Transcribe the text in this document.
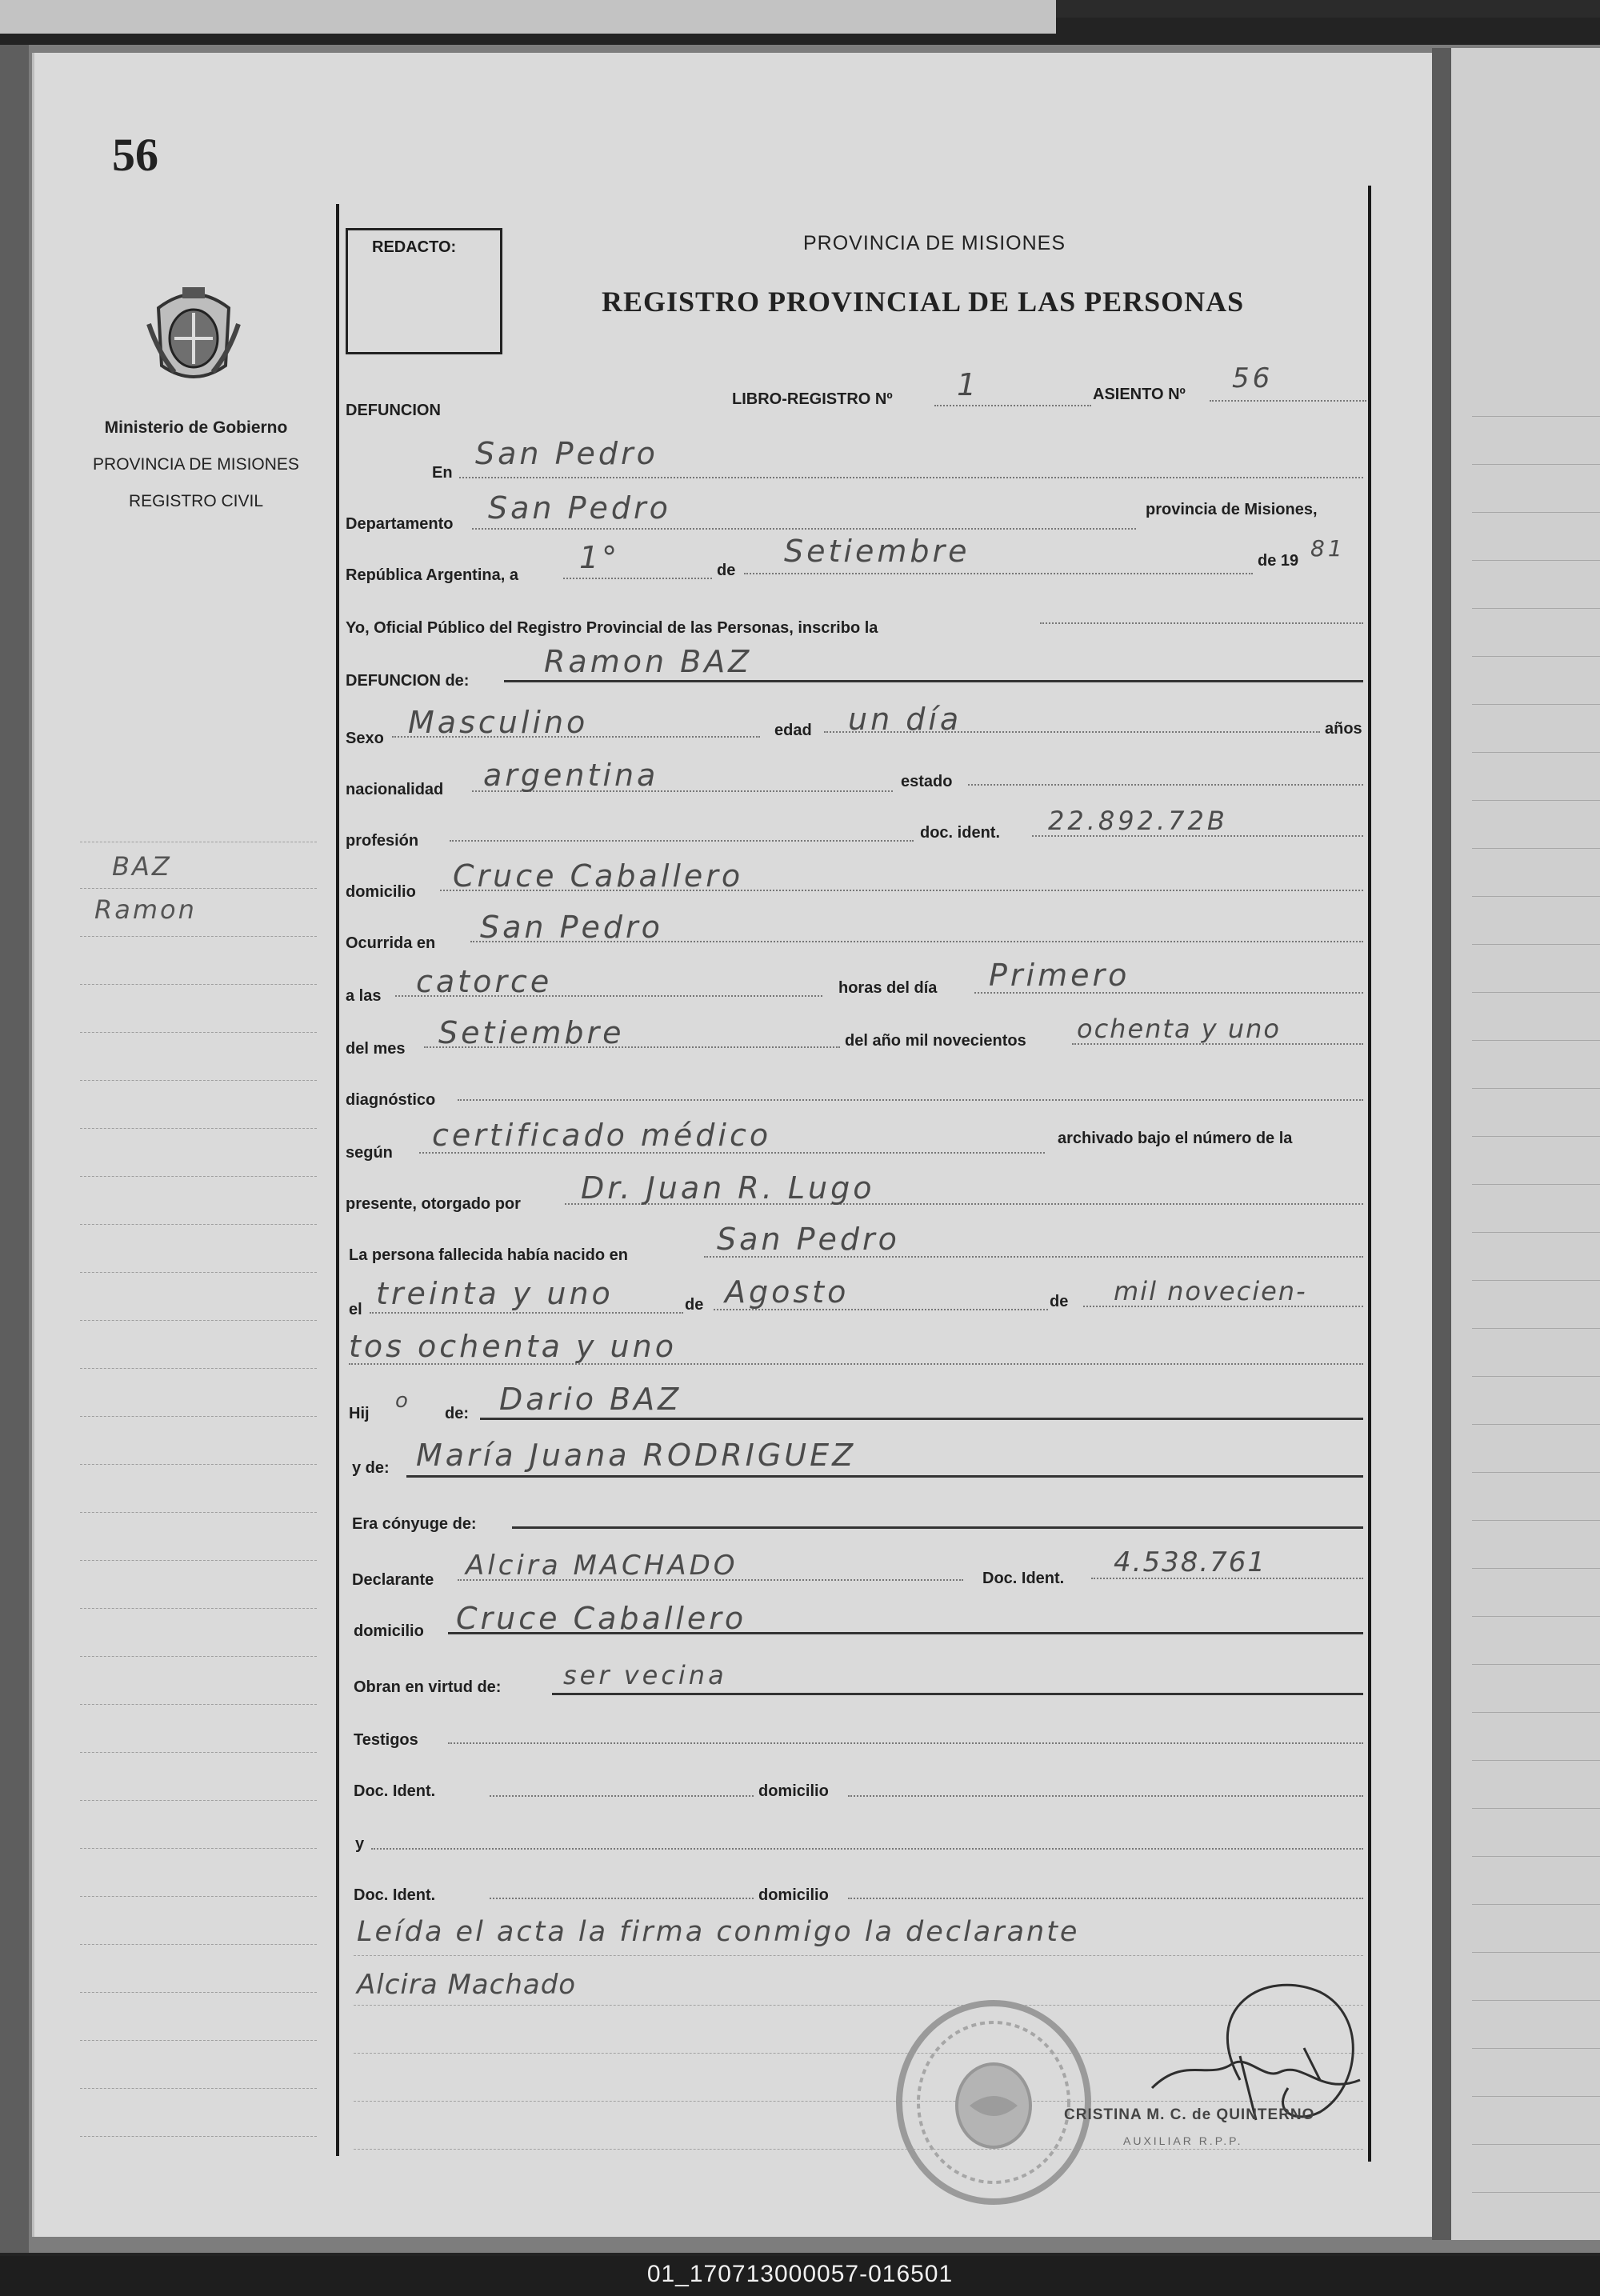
56
Ministerio de Gobierno
PROVINCIA DE MISIONES
REGISTRO CIVIL
BAZ
Ramon
REDACTO:	PROVINCIA DE MISIONES
REGISTRO PROVINCIAL DE LAS PERSONAS
DEFUNCION
LIBRO-REGISTRO Nº 1	ASIENTO Nº 56
En
San Pedro
Departamento San Pedro	provincia de Misiones,
República Argentina, a 1°	de
Setiembre	de 19 81
Yo, Oficial Público del Registro Provincial de las Personas, inscribo la
DEFUNCION de:
Ramon BAZ
Sexo Masculino	edad un día	años
nacionalidad argentina	estado
profesión	doc. ident. 22.892.72B
domicilio Cruce Caballero
Ocurrida en San Pedro
a las catorce	horas del día Primero
del mes Setiembre	del año mil novecientos ochenta y uno
diagnóstico
según certificado médico	archivado bajo el número de la
presente, otorgado por Dr. Juan R. Lugo
La persona fallecida había nacido en	San Pedro
el treinta y uno	de Agosto	de mil novecien-
tos ochenta y uno
Hij
o
de: Dario BAZ
y de: María Juana RODRIGUEZ
Era cónyuge de:
Declarante Alcira MACHADO	Doc. Ident. 4.538.761
domicilio Cruce Caballero
Obran en virtud de: ser vecina
Testigos
Doc. Ident.	domicilio
y
Doc. Ident.	domicilio
Leída el acta la firma conmigo la declarante
Alcira Machado
CRISTINA M. C. de QUINTERNO
AUXILIAR R.P.P.
01_170713000057-016501
